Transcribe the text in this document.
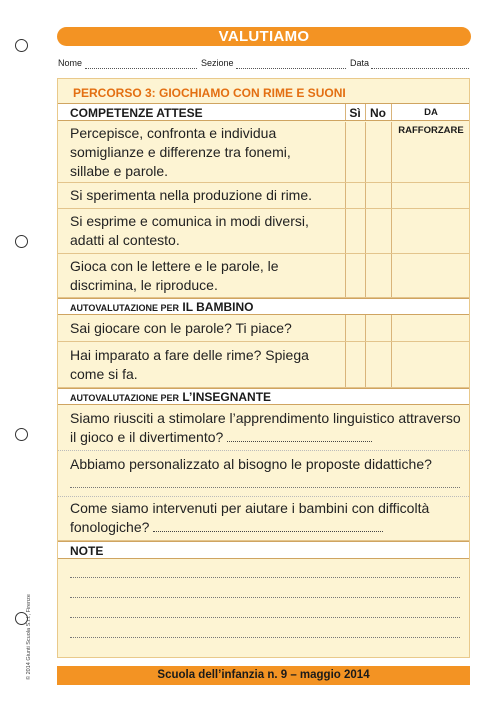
VALUTIAMO
Nome	Sezione	Data
PERCORSO 3: GIOCHIAMO CON RIME E SUONI
COMPETENZE ATTESE	Sì No	DA RAFFORZARE
Percepisce, confronta e individua somiglianze e differenze tra fonemi, sillabe e parole.
Si sperimenta nella produzione di rime.
Si esprime e comunica in modi diversi, adatti al contesto.
Gioca con le lettere e le parole, le discrimina, le riproduce.
AUTOVALUTAZIONE PER IL BAMBINO
Sai giocare con le parole? Ti piace?
Hai imparato a fare delle rime? Spiega come si fa.
AUTOVALUTAZIONE PER L’INSEGNANTE
Siamo riusciti a stimolare l’apprendimento linguistico attraverso il gioco e il divertimento?
Abbiamo personalizzato al bisogno le proposte didattiche?
Come siamo intervenuti per aiutare i bambini con difficoltà fonologiche?
NOTE
Scuola dell’infanzia n. 9 – maggio 2014
© 2014 Giunti Scuola S.r.l., Firenze
